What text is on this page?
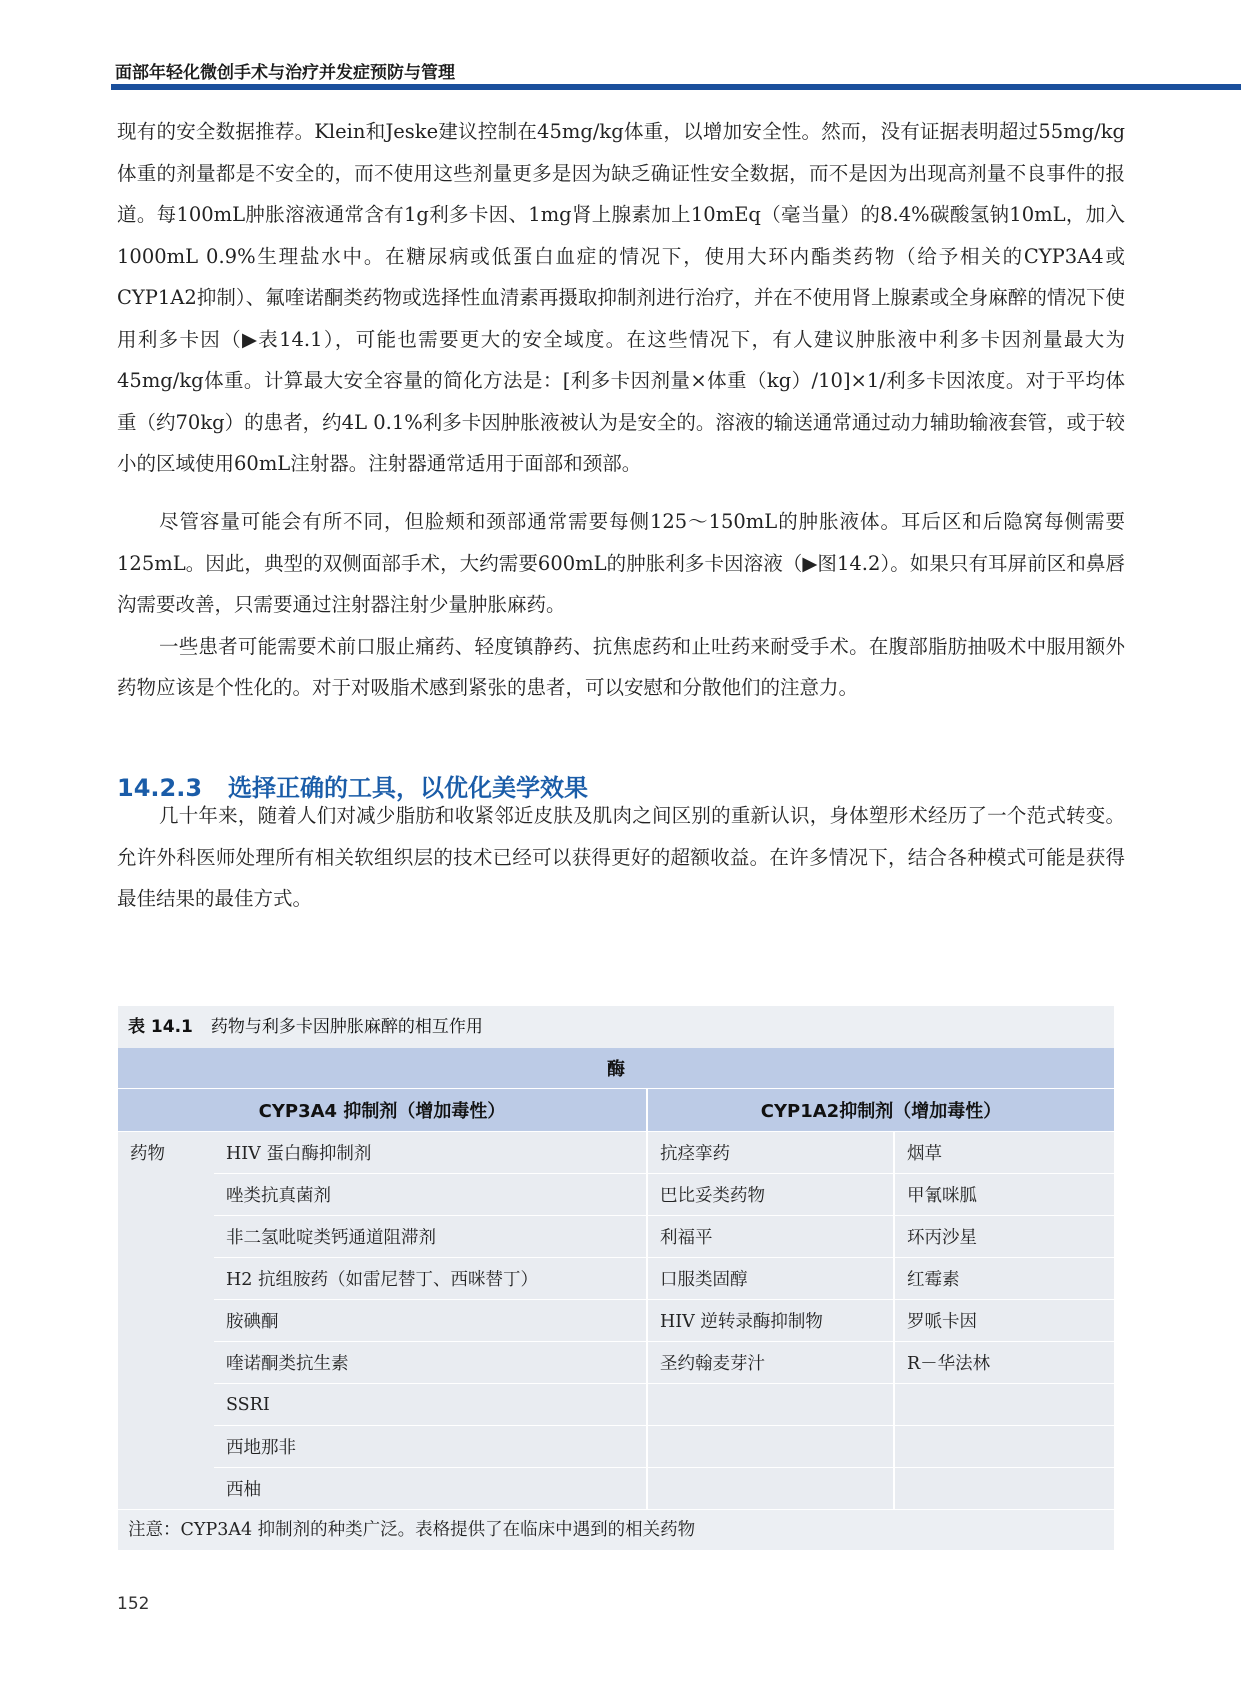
面部年轻化微创手术与治疗并发症预防与管理

现有的安全数据推荐。Klein和Jeske建议控制在45mg/kg体重，以增加安全性。然而，没有证据表明超过55mg/kg体重的剂量都是不安全的，而不使用这些剂量更多是因为缺乏确证性安全数据，而不是因为出现高剂量不良事件的报道。每100mL肿胀溶液通常含有1g利多卡因、1mg肾上腺素加上10mEq（毫当量）的8.4%碳酸氢钠10mL，加入1000mL 0.9%生理盐水中。在糖尿病或低蛋白血症的情况下，使用大环内酯类药物（给予相关的CYP3A4或CYP1A2抑制）、氟喹诺酮类药物或选择性血清素再摄取抑制剂进行治疗，并在不使用肾上腺素或全身麻醉的情况下使用利多卡因（▶表14.1），可能也需要更大的安全域度。在这些情况下，有人建议肿胀液中利多卡因剂量最大为45mg/kg体重。计算最大安全容量的简化方法是：[利多卡因剂量×体重（kg）/10]×1/利多卡因浓度。对于平均体重（约70kg）的患者，约4L 0.1%利多卡因肿胀液被认为是安全的。溶液的输送通常通过动力辅助输液套管，或于较小的区域使用60mL注射器。注射器通常适用于面部和颈部。

尽管容量可能会有所不同，但脸颊和颈部通常需要每侧125～150mL的肿胀液体。耳后区和后隐窝每侧需要125mL。因此，典型的双侧面部手术，大约需要600mL的肿胀利多卡因溶液（▶图14.2）。如果只有耳屏前区和鼻唇沟需要改善，只需要通过注射器注射少量肿胀麻药。

一些患者可能需要术前口服止痛药、轻度镇静药、抗焦虑药和止吐药来耐受手术。在腹部脂肪抽吸术中服用额外药物应该是个性化的。对于对吸脂术感到紧张的患者，可以安慰和分散他们的注意力。

14.2.3 选择正确的工具，以优化美学效果

几十年来，随着人们对减少脂肪和收紧邻近皮肤及肌肉之间区别的重新认识，身体塑形术经历了一个范式转变。允许外科医师处理所有相关软组织层的技术已经可以获得更好的超额收益。在许多情况下，结合各种模式可能是获得最佳结果的最佳方式。

表 14.1 药物与利多卡因肿胀麻醉的相互作用
酶			
CYP3A4 抑制剂（增加毒性）		CYP1A2抑制剂（增加毒性）	
药物	HIV 蛋白酶抑制剂	抗痉挛药	烟草
	唑类抗真菌剂	巴比妥类药物	甲氰咪胍
	非二氢吡啶类钙通道阻滞剂	利福平	环丙沙星
	H2 抗组胺药（如雷尼替丁、西咪替丁）	口服类固醇	红霉素
	胺碘酮	HIV 逆转录酶抑制物	罗哌卡因
	喹诺酮类抗生素	圣约翰麦芽汁	R－华法林
	SSRI		
	西地那非		
	西柚		
注意：CYP3A4 抑制剂的种类广泛。表格提供了在临床中遇到的相关药物
152
